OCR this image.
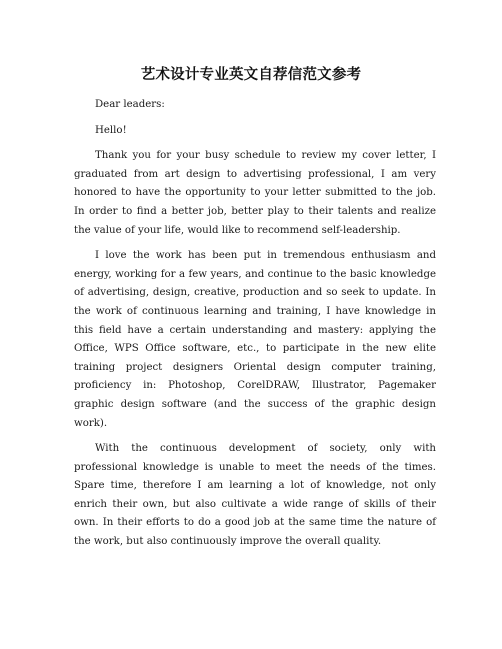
艺术设计专业英文自荐信范文参考

Dear leaders:

Hello!

Thank you for your busy schedule to review my cover letter, I graduated from art design to advertising professional, I am very honored to have the opportunity to your letter submitted to the job. In order to find a better job, better play to their talents and realize the value of your life, would like to recommend self-leadership.

I love the work has been put in tremendous enthusiasm and energy, working for a few years, and continue to the basic knowledge of advertising, design, creative, production and so seek to update. In the work of continuous learning and training, I have knowledge in this field have a certain understanding and mastery: applying the Office, WPS Office software, etc., to participate in the new elite training project designers Oriental design computer training, proficiency in: Photoshop, CorelDRAW, Illustrator, Pagemaker graphic design software (and the success of the graphic design work).

With the continuous development of society, only with professional knowledge is unable to meet the needs of the times. Spare time, therefore I am learning a lot of knowledge, not only enrich their own, but also cultivate a wide range of skills of their own. In their efforts to do a good job at the same time the nature of the work, but also continuously improve the overall quality.
